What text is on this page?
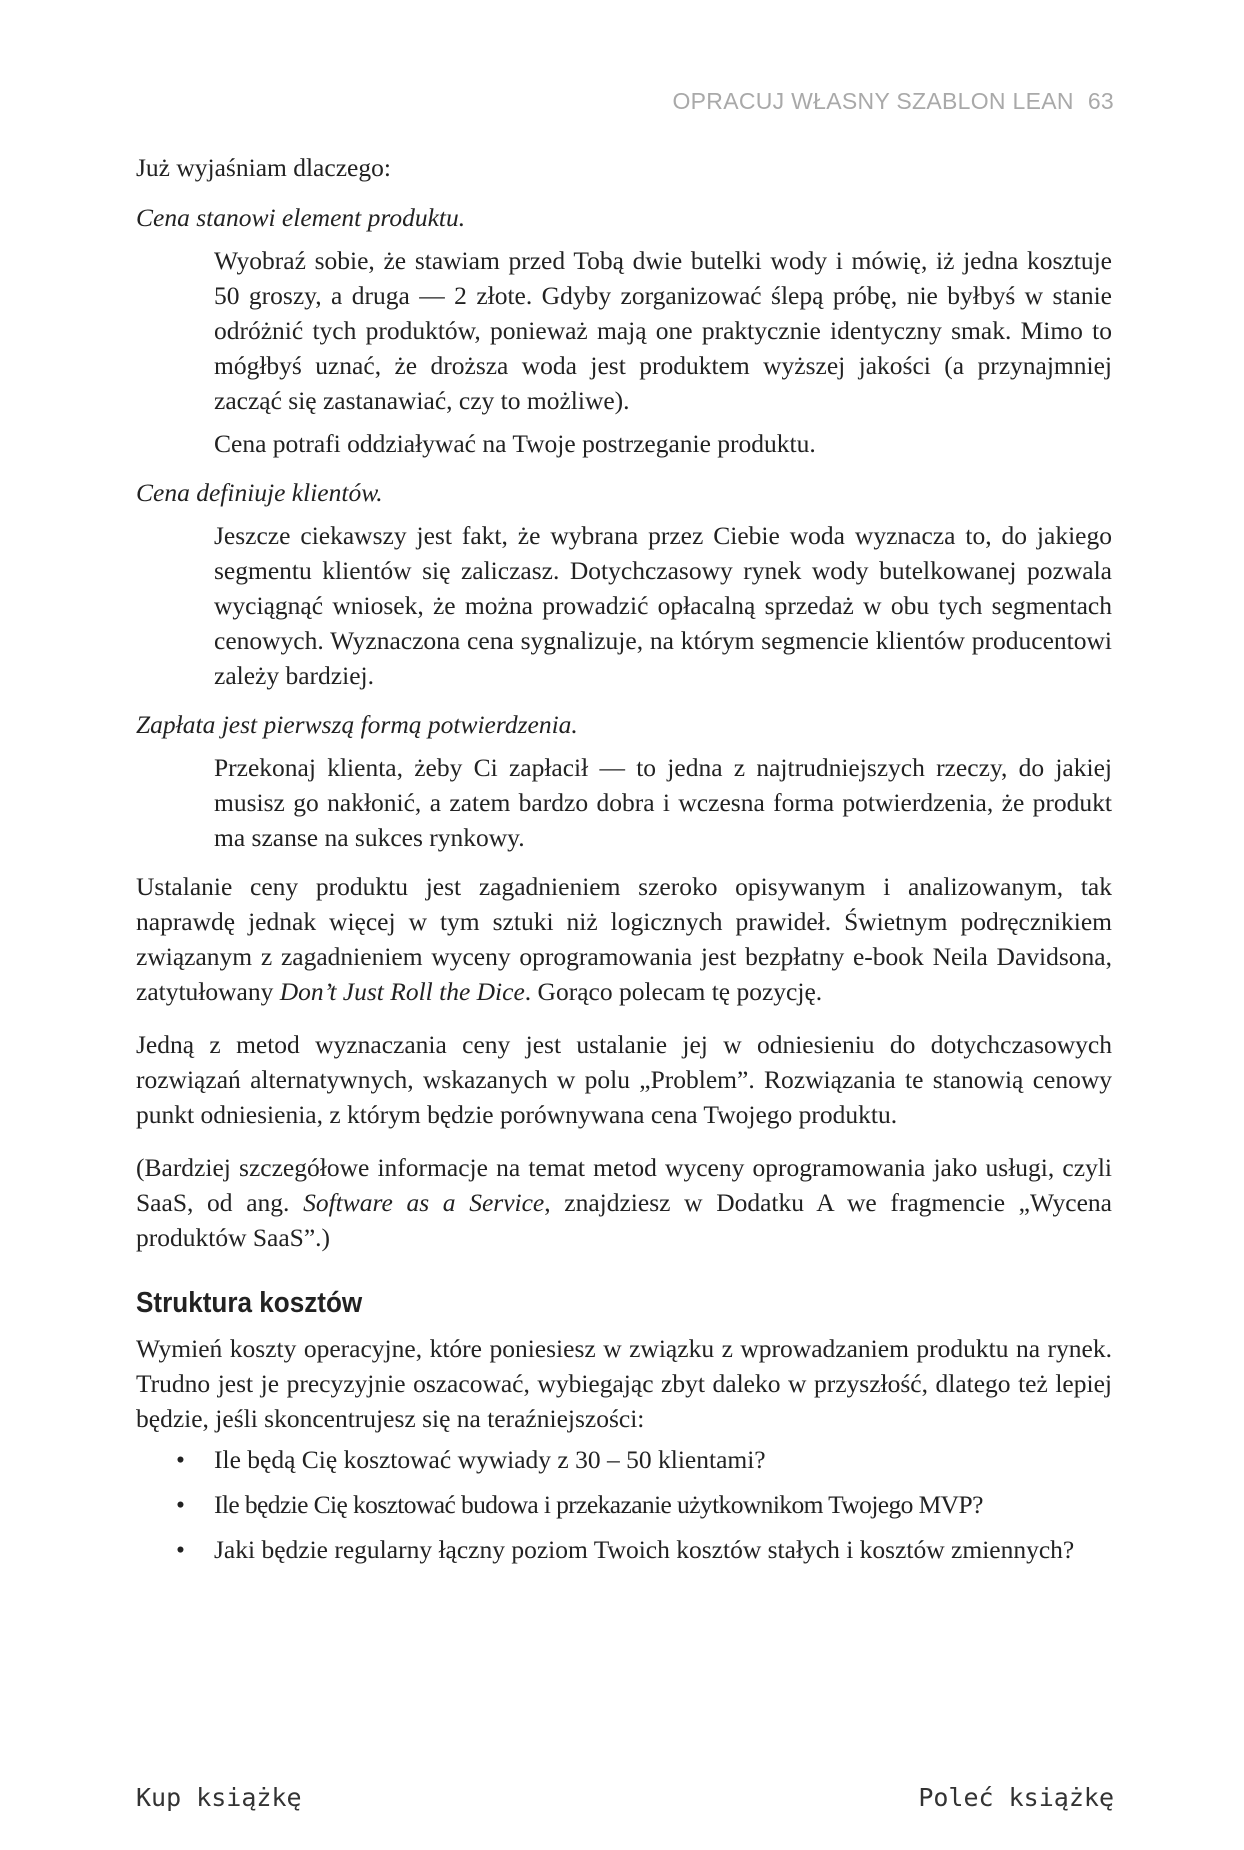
OPRACUJ WŁASNY SZABLON LEAN 63

Już wyjaśniam dlaczego:

Cena stanowi element produktu.

Wyobraź sobie, że stawiam przed Tobą dwie butelki wody i mówię, iż jedna kosztuje 50 groszy, a druga — 2 złote. Gdyby zorganizować ślepą próbę, nie byłbyś w stanie odróżnić tych produktów, ponieważ mają one praktycznie identyczny smak. Mimo to mógłbyś uznać, że droższa woda jest produktem wyższej jakości (a przynajmniej zacząć się zastanawiać, czy to możliwe).

Cena potrafi oddziaływać na Twoje postrzeganie produktu.

Cena definiuje klientów.

Jeszcze ciekawszy jest fakt, że wybrana przez Ciebie woda wyznacza to, do jakiego segmentu klientów się zaliczasz. Dotychczasowy rynek wody butelkowanej pozwala wyciągnąć wniosek, że można prowadzić opłacalną sprzedaż w obu tych segmentach cenowych. Wyznaczona cena sygnalizuje, na którym segmencie klientów producentowi zależy bardziej.

Zapłata jest pierwszą formą potwierdzenia.

Przekonaj klienta, żeby Ci zapłacił — to jedna z najtrudniejszych rzeczy, do jakiej musisz go nakłonić, a zatem bardzo dobra i wczesna forma potwierdzenia, że produkt ma szanse na sukces rynkowy.

Ustalanie ceny produktu jest zagadnieniem szeroko opisywanym i analizowanym, tak naprawdę jednak więcej w tym sztuki niż logicznych prawideł. Świetnym podręcznikiem związanym z zagadnieniem wyceny oprogramowania jest bezpłatny e-book Neila Davidsona, zatytułowany Don’t Just Roll the Dice. Gorąco polecam tę pozycję.

Jedną z metod wyznaczania ceny jest ustalanie jej w odniesieniu do dotychczasowych rozwiązań alternatywnych, wskazanych w polu „Problem”. Rozwiązania te stanowią cenowy punkt odniesienia, z którym będzie porównywana cena Twojego produktu.

(Bardziej szczegółowe informacje na temat metod wyceny oprogramowania jako usługi, czyli SaaS, od ang. Software as a Service, znajdziesz w Dodatku A we fragmencie „Wycena produktów SaaS”.)

Struktura kosztów

Wymień koszty operacyjne, które poniesiesz w związku z wprowadzaniem produktu na rynek. Trudno jest je precyzyjnie oszacować, wybiegając zbyt daleko w przyszłość, dlatego też lepiej będzie, jeśli skoncentrujesz się na teraźniejszości:

• Ile będą Cię kosztować wywiady z 30 – 50 klientami?
• Ile będzie Cię kosztować budowa i przekazanie użytkownikom Twojego MVP?
• Jaki będzie regularny łączny poziom Twoich kosztów stałych i kosztów zmiennych?
Kup książkę	Poleć książkę
